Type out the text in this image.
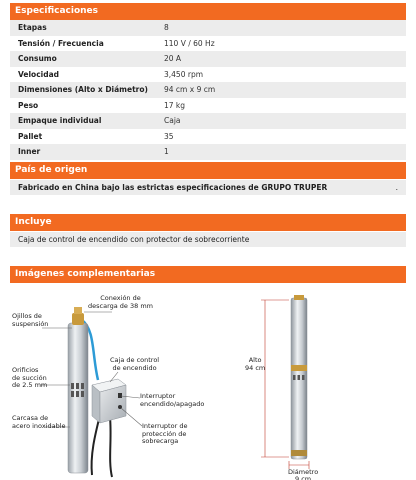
Especificaciones
Etapas	8
Tensión / Frecuencia	110 V / 60 Hz
Consumo	20 A
Velocidad	3,450 rpm
Dimensiones (Alto x Diámetro)	94 cm x 9 cm
Peso	17 kg
Empaque individual	Caja
Pallet	35
Inner	1
País de origen
Fabricado en China bajo las estrictas especificaciones de GRUPO TRUPER	.
Incluye
Caja de control de encendido con protector de sobrecorriente
Imágenes complementarias
Ojillos de
suspensión
Conexión de
descarga de 38 mm
Orificios
de succión
de 2.5 mm
Caja de control
de encendido
Interruptor
encendido/apagado
Carcasa de
acero inoxidable	Interruptor de
protección de
sobrecarga
Alto
94 cm
Diámetro
9 cm
